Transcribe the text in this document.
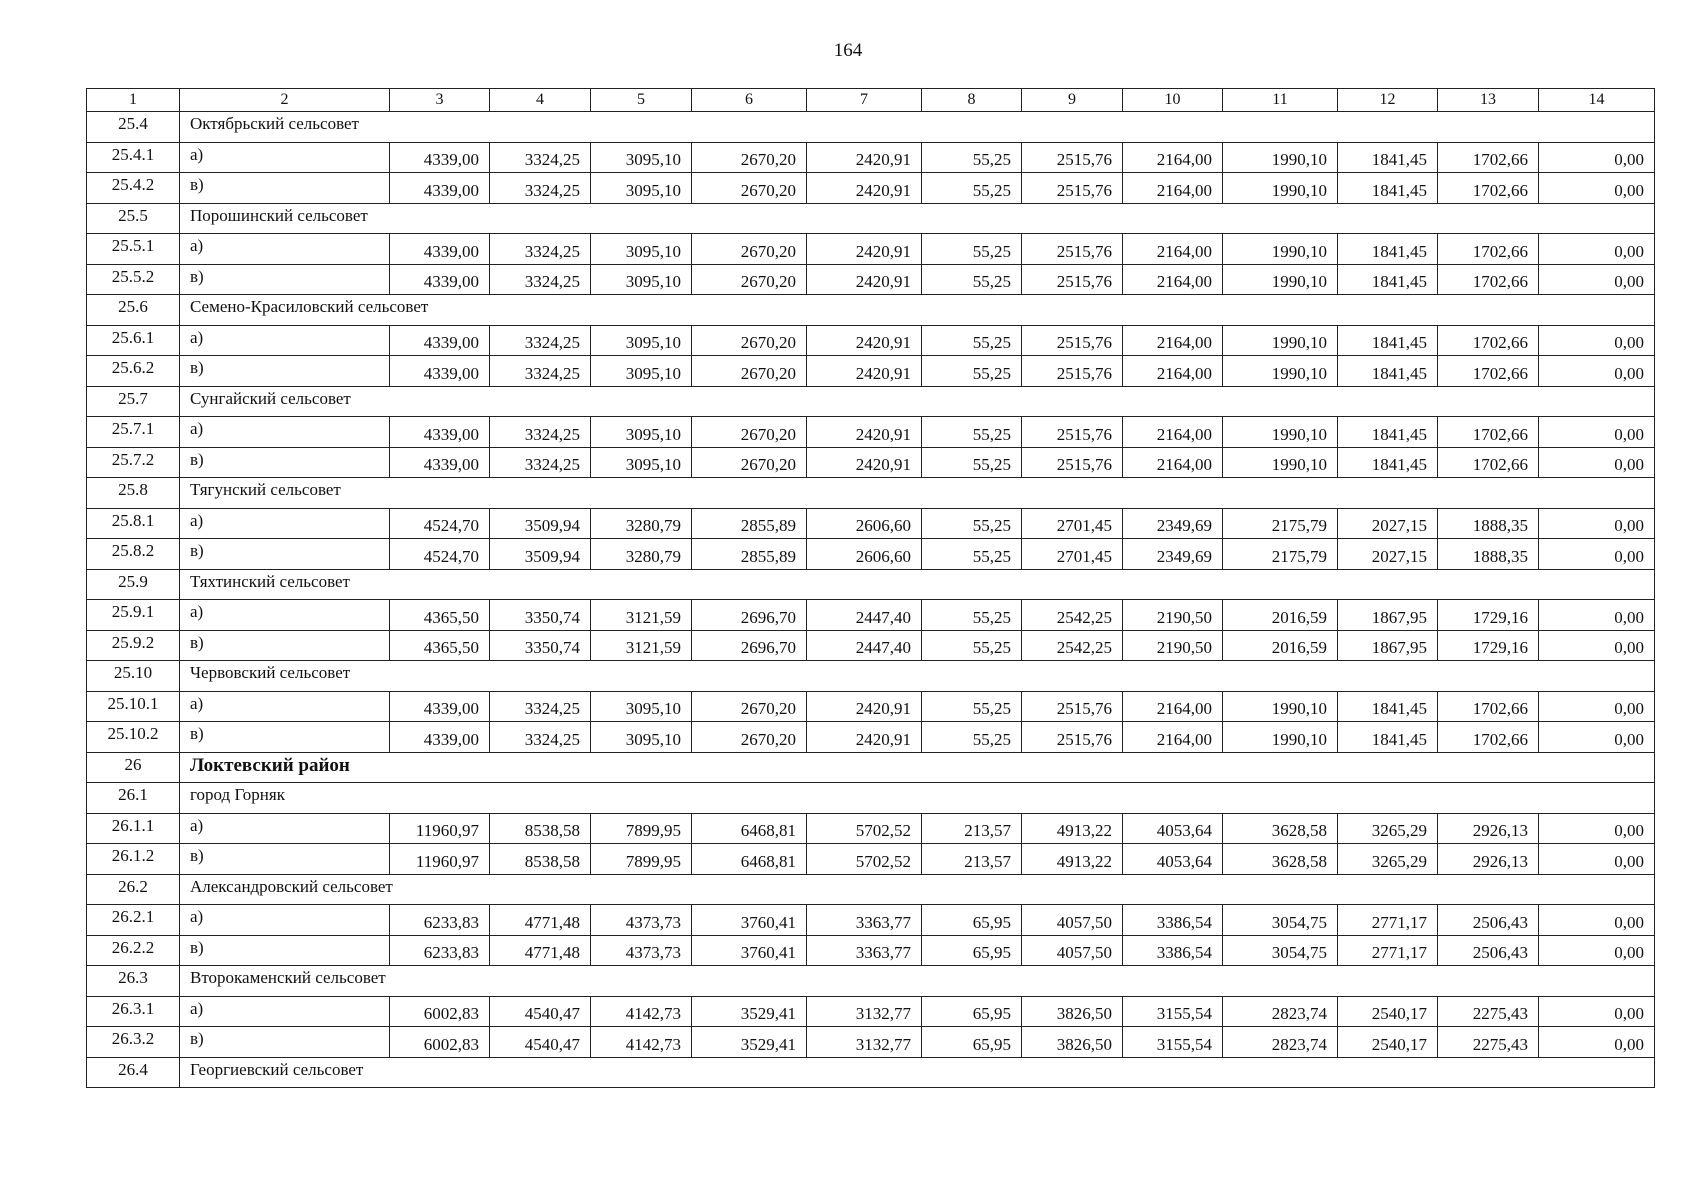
164
1	2	3	4	5	6	7	8	9	10	11	12	13	14
25.4	Октябрьский сельсовет												
25.4.1	а)	4339,00	3324,25	3095,10	2670,20	2420,91	55,25	2515,76	2164,00	1990,10	1841,45	1702,66	0,00
25.4.2	в)	4339,00	3324,25	3095,10	2670,20	2420,91	55,25	2515,76	2164,00	1990,10	1841,45	1702,66	0,00
25.5	Порошинский сельсовет												
25.5.1	а)	4339,00	3324,25	3095,10	2670,20	2420,91	55,25	2515,76	2164,00	1990,10	1841,45	1702,66	0,00
25.5.2	в)	4339,00	3324,25	3095,10	2670,20	2420,91	55,25	2515,76	2164,00	1990,10	1841,45	1702,66	0,00
25.6	Семено-Красиловский сельсовет												
25.6.1	а)	4339,00	3324,25	3095,10	2670,20	2420,91	55,25	2515,76	2164,00	1990,10	1841,45	1702,66	0,00
25.6.2	в)	4339,00	3324,25	3095,10	2670,20	2420,91	55,25	2515,76	2164,00	1990,10	1841,45	1702,66	0,00
25.7	Сунгайский сельсовет												
25.7.1	а)	4339,00	3324,25	3095,10	2670,20	2420,91	55,25	2515,76	2164,00	1990,10	1841,45	1702,66	0,00
25.7.2	в)	4339,00	3324,25	3095,10	2670,20	2420,91	55,25	2515,76	2164,00	1990,10	1841,45	1702,66	0,00
25.8	Тягунский сельсовет												
25.8.1	а)	4524,70	3509,94	3280,79	2855,89	2606,60	55,25	2701,45	2349,69	2175,79	2027,15	1888,35	0,00
25.8.2	в)	4524,70	3509,94	3280,79	2855,89	2606,60	55,25	2701,45	2349,69	2175,79	2027,15	1888,35	0,00
25.9	Тяхтинский сельсовет												
25.9.1	а)	4365,50	3350,74	3121,59	2696,70	2447,40	55,25	2542,25	2190,50	2016,59	1867,95	1729,16	0,00
25.9.2	в)	4365,50	3350,74	3121,59	2696,70	2447,40	55,25	2542,25	2190,50	2016,59	1867,95	1729,16	0,00
25.10	Червовский сельсовет												
25.10.1	а)	4339,00	3324,25	3095,10	2670,20	2420,91	55,25	2515,76	2164,00	1990,10	1841,45	1702,66	0,00
25.10.2	в)	4339,00	3324,25	3095,10	2670,20	2420,91	55,25	2515,76	2164,00	1990,10	1841,45	1702,66	0,00
26	Локтевский район												
26.1	город Горняк												
26.1.1	а)	11960,97	8538,58	7899,95	6468,81	5702,52	213,57	4913,22	4053,64	3628,58	3265,29	2926,13	0,00
26.1.2	в)	11960,97	8538,58	7899,95	6468,81	5702,52	213,57	4913,22	4053,64	3628,58	3265,29	2926,13	0,00
26.2	Александровский сельсовет												
26.2.1	а)	6233,83	4771,48	4373,73	3760,41	3363,77	65,95	4057,50	3386,54	3054,75	2771,17	2506,43	0,00
26.2.2	в)	6233,83	4771,48	4373,73	3760,41	3363,77	65,95	4057,50	3386,54	3054,75	2771,17	2506,43	0,00
26.3	Второкаменский сельсовет												
26.3.1	а)	6002,83	4540,47	4142,73	3529,41	3132,77	65,95	3826,50	3155,54	2823,74	2540,17	2275,43	0,00
26.3.2	в)	6002,83	4540,47	4142,73	3529,41	3132,77	65,95	3826,50	3155,54	2823,74	2540,17	2275,43	0,00
26.4	Георгиевский сельсовет												
